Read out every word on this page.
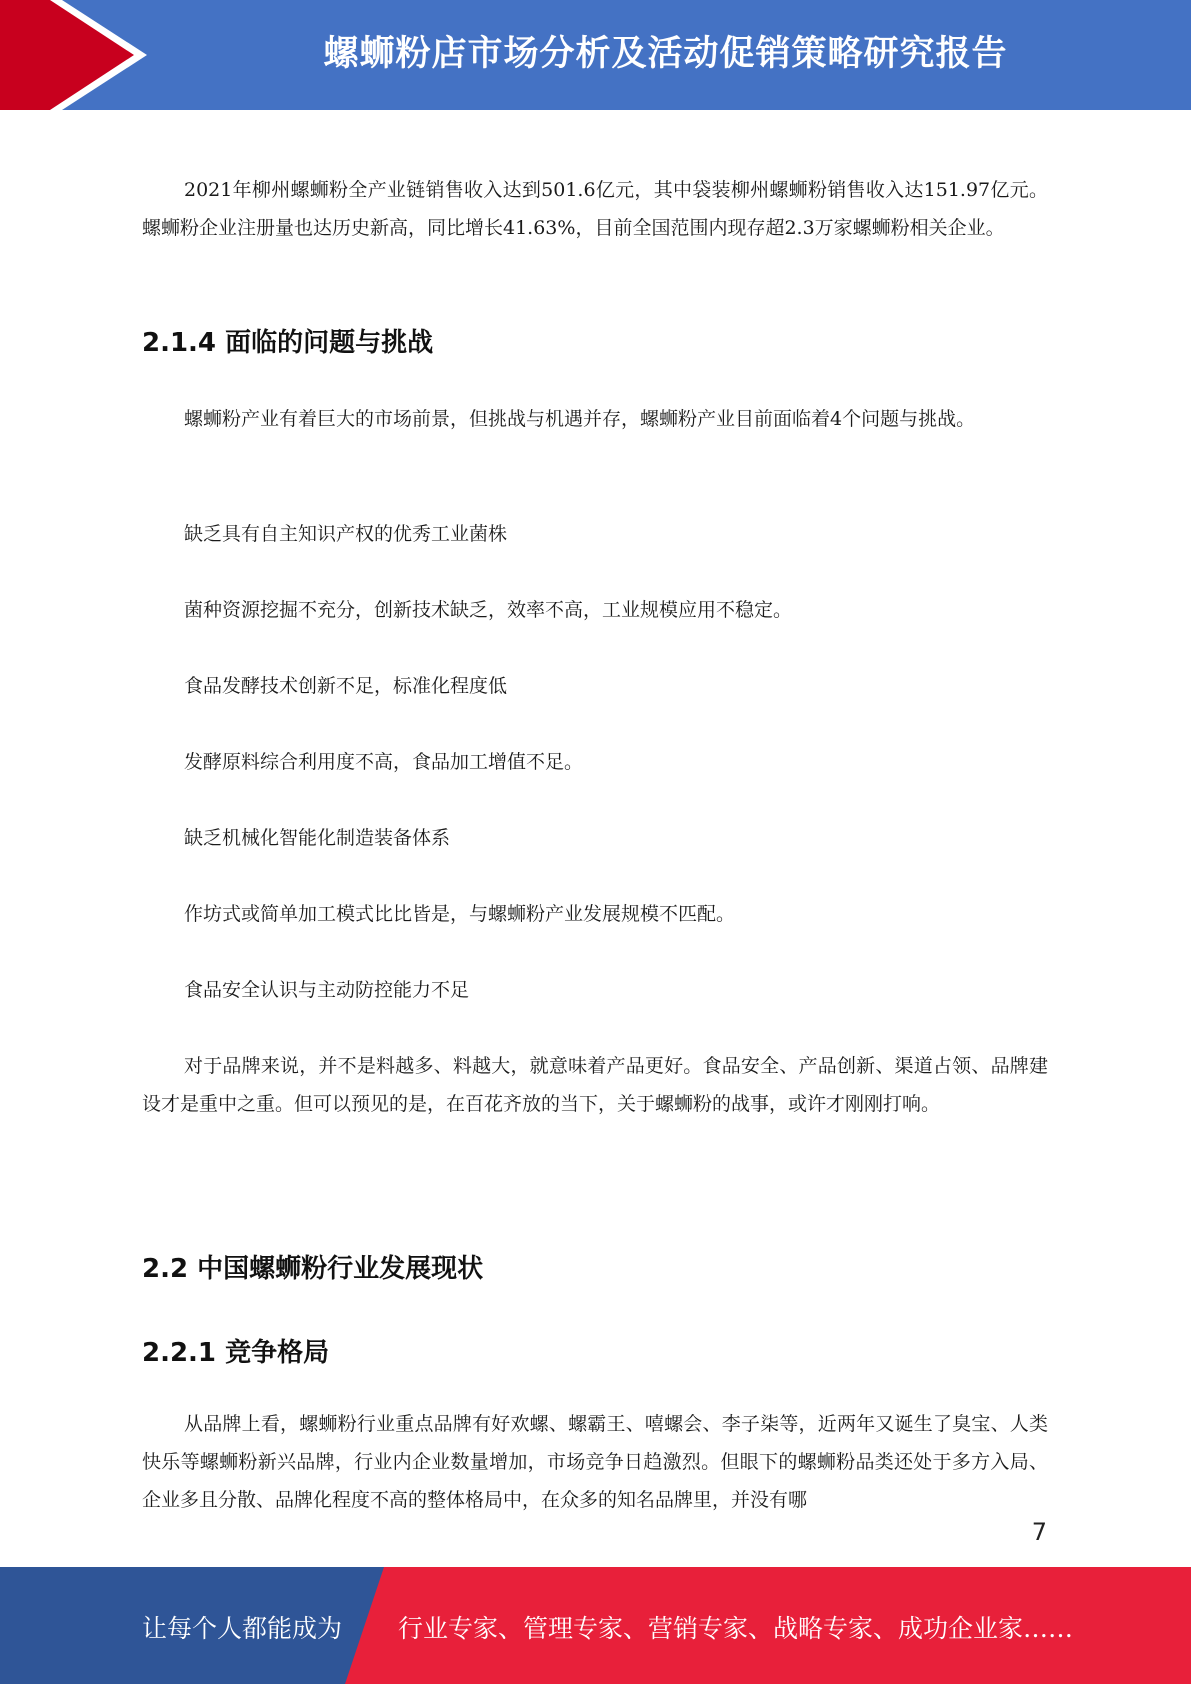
螺蛳粉店市场分析及活动促销策略研究报告

2021年柳州螺蛳粉全产业链销售收入达到501.6亿元，其中袋装柳州螺蛳粉销售收入达151.97亿元。螺蛳粉企业注册量也达历史新高，同比增长41.63%，目前全国范围内现存超2.3万家螺蛳粉相关企业。

2.1.4 面临的问题与挑战

螺蛳粉产业有着巨大的市场前景，但挑战与机遇并存，螺蛳粉产业目前面临着4个问题与挑战。

缺乏具有自主知识产权的优秀工业菌株

菌种资源挖掘不充分，创新技术缺乏，效率不高，工业规模应用不稳定。

食品发酵技术创新不足，标准化程度低

发酵原料综合利用度不高，食品加工增值不足。

缺乏机械化智能化制造装备体系

作坊式或简单加工模式比比皆是，与螺蛳粉产业发展规模不匹配。

食品安全认识与主动防控能力不足

对于品牌来说，并不是料越多、料越大，就意味着产品更好。食品安全、产品创新、渠道占领、品牌建设才是重中之重。但可以预见的是，在百花齐放的当下，关于螺蛳粉的战事，或许才刚刚打响。

2.2 中国螺蛳粉行业发展现状
2.2.1 竞争格局

从品牌上看，螺蛳粉行业重点品牌有好欢螺、螺霸王、嘻螺会、李子柒等，近两年又诞生了臭宝、人类快乐等螺蛳粉新兴品牌，行业内企业数量增加，市场竞争日趋激烈。但眼下的螺蛳粉品类还处于多方入局、企业多且分散、品牌化程度不高的整体格局中，在众多的知名品牌里，并没有哪

7
让每个人都能成为 行业专家、管理专家、营销专家、战略专家、成功企业家……
